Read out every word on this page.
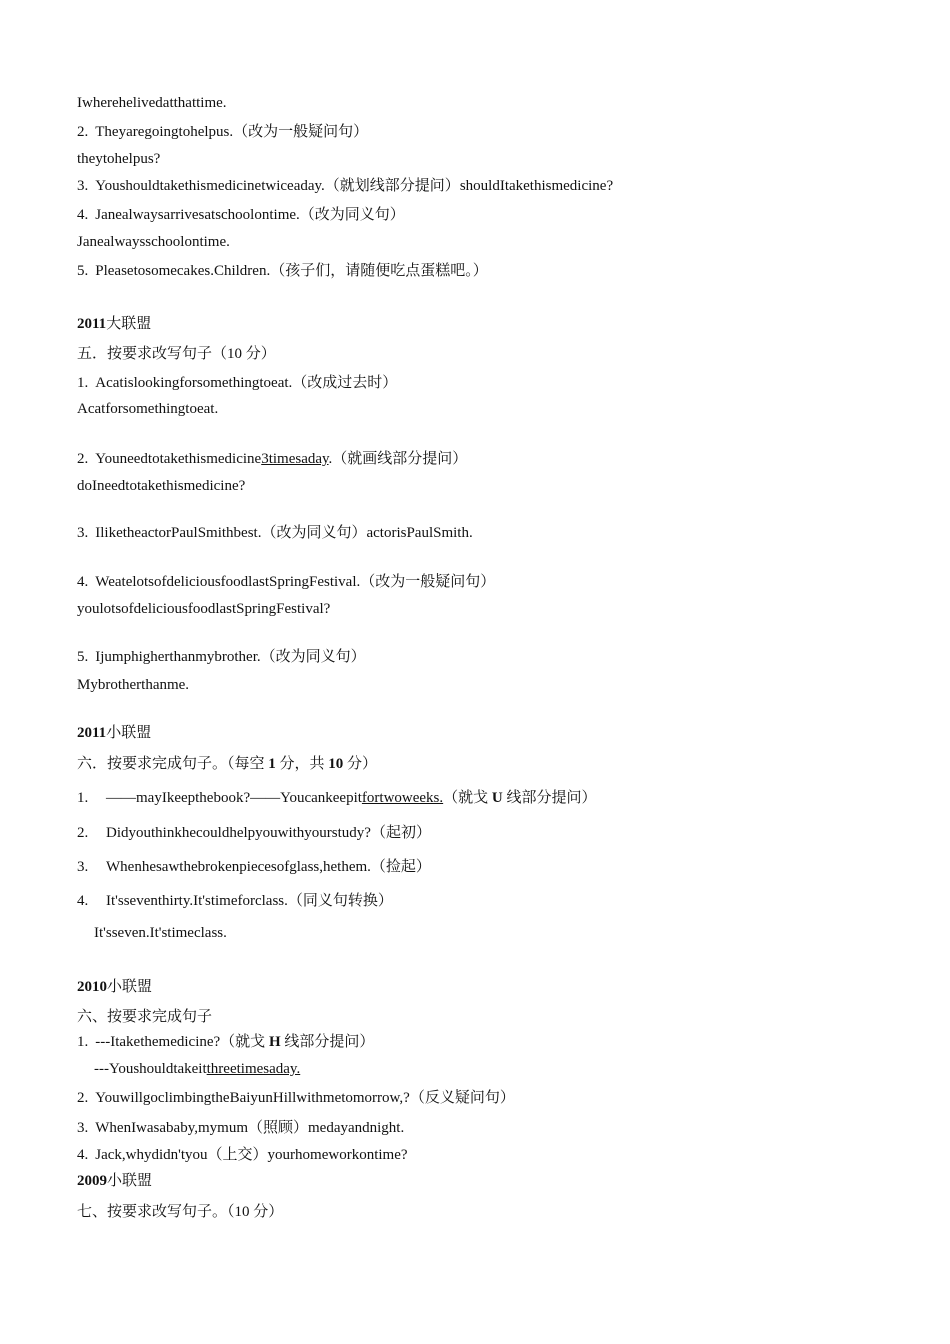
Iwherehelivedatthattime.
2. Theyaregoingtohelpus.（改为一般疑问句）
theytohelpus?
3. Youshouldtakethismedicinetwiceaday.（就划线部分提问）shouldItakethismedicine?
4. Janealwaysarrivesatschoolontime.（改为同义句）
Janealwaysschoolontime.
5. Pleasetosomecakes.Children.（孩子们，请随便吃点蛋糕吧。）
2011大联盟
五．按要求改写句子（10 分）
1. Acatislookingforsomethingtoeat.（改成过去时）
Acatforsomethingtoeat.
2. Youneedtotakethismedicine3timesaday.（就画线部分提问）
doIneedtotakethismedicine?
3. IliketheactorPaulSmithbest.（改为同义句）actorisPaulSmith.
4. WeatelotsofdeliciousfoodlastSpringFestival.（改为一般疑问句）
youlotsofdeliciousfoodlastSpringFestival?
5. Ijumphigherthanmybrother.（改为同义句）
Mybrotherthanme.
2011小联盟
六．按要求完成句子。（每空 1 分，共 10 分）
1. ——mayIkeepthebook?——Youcankeepitfortwoweeks.（就戈 U 线部分提问）
2. Didyouthinkhecouldhelpyouwithyourstudy?（起初）
3. Whenhesawthebrokenpiecesofglass,hethem.（捡起）
4. It'sseventhirty.It'stimeforclass.（同义句转换）
It'sseven.It'stimeclass.
2010小联盟
六、按要求完成句子
1. ---Itakethemedicine?（就戈 H 线部分提问）
---Youshouldtakeitthreetimesaday.
2. YouwillgoclimbingtheBaiyunHillwithmetomorrow,?（反义疑问句）
3. WhenIwasababy,mymum（照顾）medayandnight.
4. Jack,whydidn'tyou（上交）yourhomeworkontime?
2009小联盟
七、按要求改写句子。（10 分）
